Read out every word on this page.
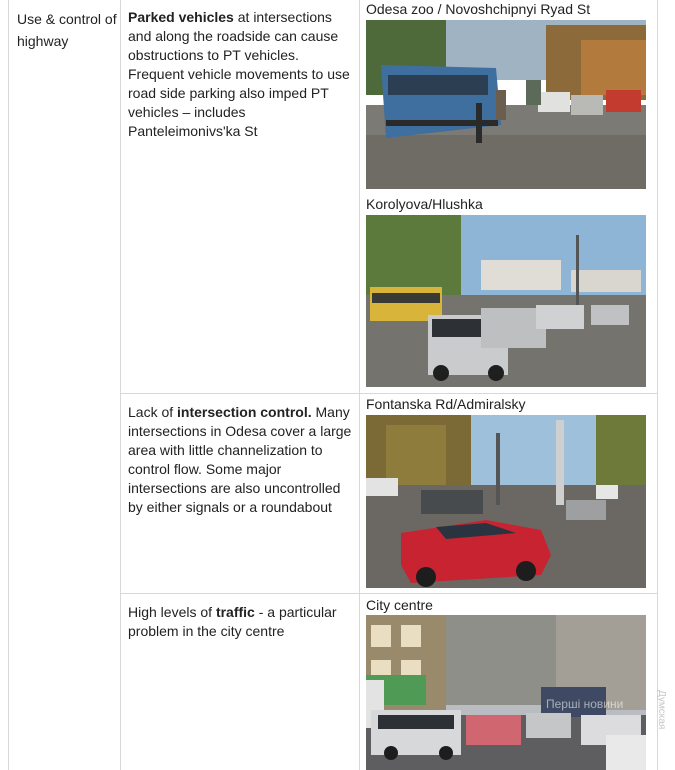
Use & control of highway
Parked vehicles at intersections and along the roadside can cause obstructions to PT vehicles. Frequent vehicle movements to use road side parking also imped PT vehicles – includes Panteleimonivs'ka St
Lack of intersection control. Many intersections in Odesa cover a large area with little channelization to control flow. Some major intersections are also uncontrolled by either signals or a roundabout
High levels of traffic - a particular problem in the city centre
Odesa zoo / Novoshchipnyi Ryad St
Korolyova/Hlushka
Fontanska Rd/Admiralsky
City centre
Перші новини	Думская
